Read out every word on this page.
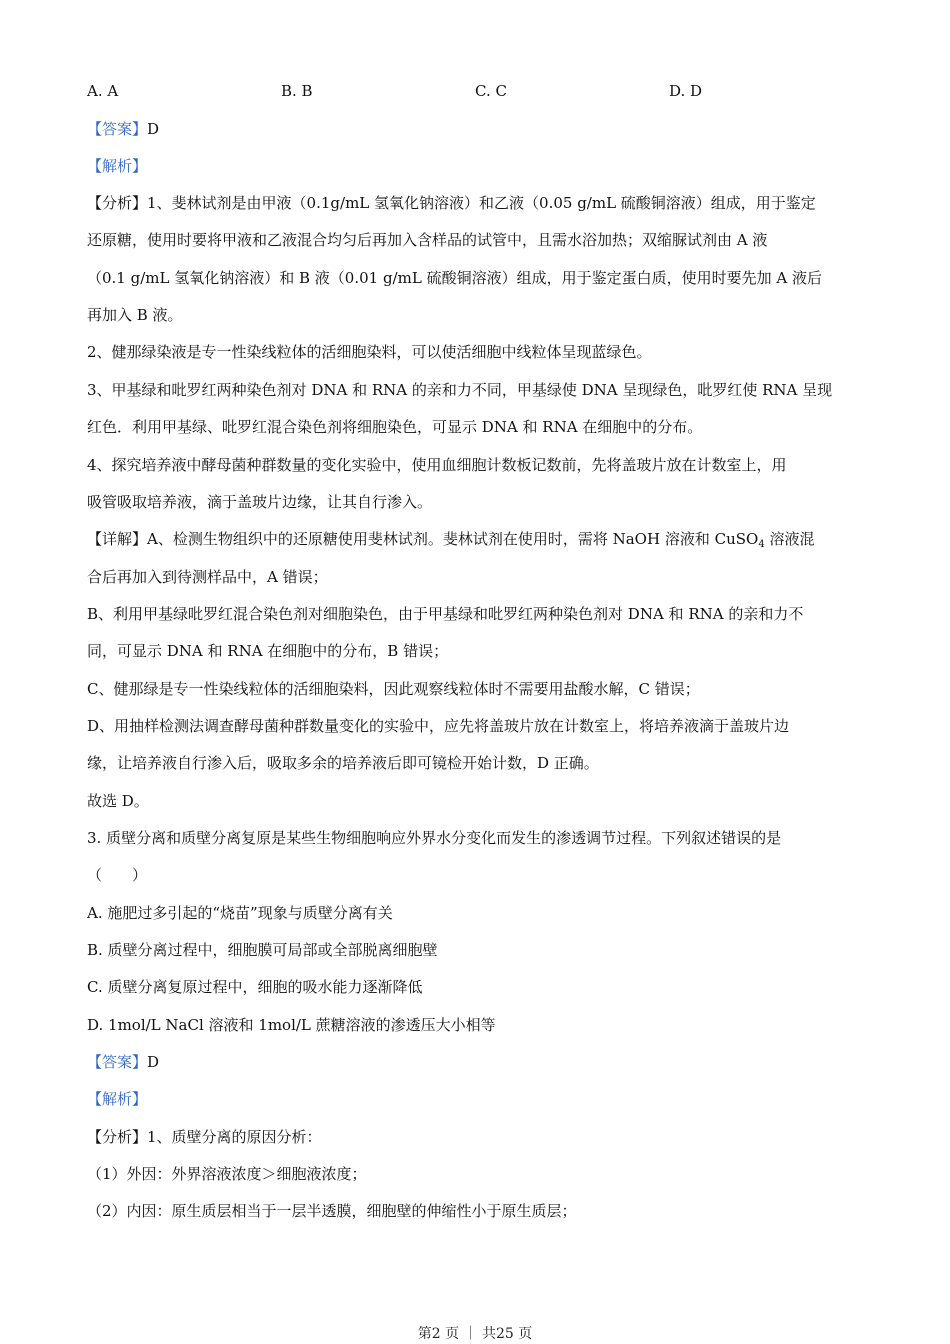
A. A	B. B	C. C	D. D
【答案】D
【解析】
【分析】1、斐林试剂是由甲液（0.1g/mL 氢氧化钠溶液）和乙液（0.05 g/mL 硫酸铜溶液）组成，用于鉴定
还原糖，使用时要将甲液和乙液混合均匀后再加入含样品的试管中，且需水浴加热；双缩脲试剂由 A 液
（0.1 g/mL 氢氧化钠溶液）和 B 液（0.01 g/mL 硫酸铜溶液）组成，用于鉴定蛋白质，使用时要先加 A 液后
再加入 B 液。
2、健那绿染液是专一性染线粒体的活细胞染料，可以使活细胞中线粒体呈现蓝绿色。
3、甲基绿和吡罗红两种染色剂对 DNA 和 RNA 的亲和力不同，甲基绿使 DNA 呈现绿色，吡罗红使 RNA 呈现
红色．利用甲基绿、吡罗红混合染色剂将细胞染色，可显示 DNA 和 RNA 在细胞中的分布。
4、探究培养液中酵母菌种群数量的变化实验中，使用血细胞计数板记数前，先将盖玻片放在计数室上，用
吸管吸取培养液，滴于盖玻片边缘，让其自行渗入。
【详解】A、检测生物组织中的还原糖使用斐林试剂。斐林试剂在使用时，需将 NaOH 溶液和 CuSO$_4$ 溶液混
合后再加入到待测样品中，A 错误；
B、利用甲基绿吡罗红混合染色剂对细胞染色，由于甲基绿和吡罗红两种染色剂对 DNA 和 RNA 的亲和力不
同，可显示 DNA 和 RNA 在细胞中的分布，B 错误；
C、健那绿是专一性染线粒体的活细胞染料，因此观察线粒体时不需要用盐酸水解，C 错误；
D、用抽样检测法调查酵母菌种群数量变化的实验中，应先将盖玻片放在计数室上，将培养液滴于盖玻片边
缘，让培养液自行渗入后，吸取多余的培养液后即可镜检开始计数，D 正确。
故选 D。
3. 质壁分离和质壁分离复原是某些生物细胞响应外界水分变化而发生的渗透调节过程。下列叙述错误的是
（　　）
A. 施肥过多引起的“烧苗”现象与质壁分离有关
B. 质壁分离过程中，细胞膜可局部或全部脱离细胞壁
C. 质壁分离复原过程中，细胞的吸水能力逐渐降低
D. 1mol/L NaCl 溶液和 1mol/L 蔗糖溶液的渗透压大小相等
【答案】D
【解析】
【分析】1、质壁分离的原因分析：
（1）外因：外界溶液浓度＞细胞液浓度；
（2）内因：原生质层相当于一层半透膜，细胞壁的伸缩性小于原生质层；
第2 页 ｜ 共25 页
